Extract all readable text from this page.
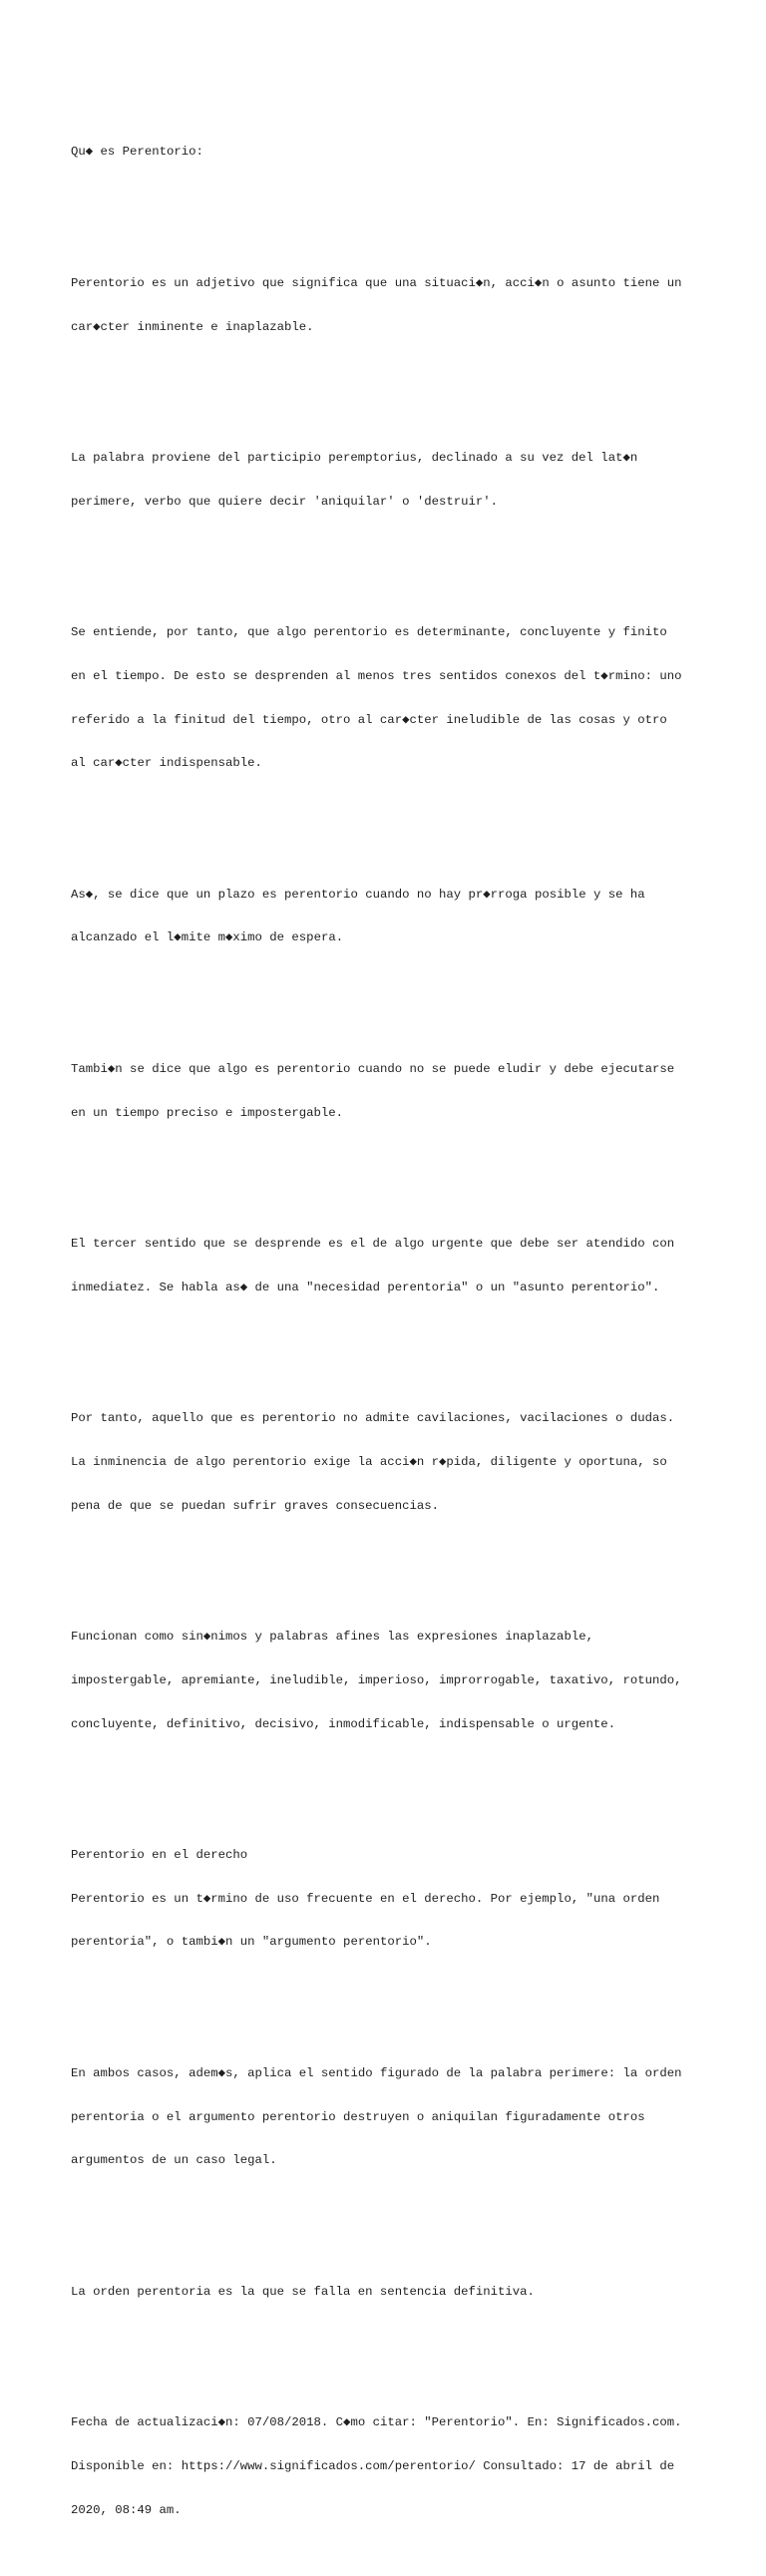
Qu◆ es Perentorio:

Perentorio es un adjetivo que significa que una situaci◆n, acci◆n o asunto tiene un

car◆cter inminente e inaplazable.

La palabra proviene del participio peremptorius, declinado a su vez del lat◆n

perimere, verbo que quiere decir 'aniquilar' o 'destruir'.

Se entiende, por tanto, que algo perentorio es determinante, concluyente y finito

en el tiempo. De esto se desprenden al menos tres sentidos conexos del t◆rmino: uno

referido a la finitud del tiempo, otro al car◆cter ineludible de las cosas y otro

al car◆cter indispensable.

As◆, se dice que un plazo es perentorio cuando no hay pr◆rroga posible y se ha

alcanzado el l◆mite m◆ximo de espera.

Tambi◆n se dice que algo es perentorio cuando no se puede eludir y debe ejecutarse

en un tiempo preciso e impostergable.

El tercer sentido que se desprende es el de algo urgente que debe ser atendido con

inmediatez. Se habla as◆ de una "necesidad perentoria" o un "asunto perentorio".

Por tanto, aquello que es perentorio no admite cavilaciones, vacilaciones o dudas.

La inminencia de algo perentorio exige la acci◆n r◆pida, diligente y oportuna, so

pena de que se puedan sufrir graves consecuencias.

Funcionan como sin◆nimos y palabras afines las expresiones inaplazable,

impostergable, apremiante, ineludible, imperioso, improrrogable, taxativo, rotundo,

concluyente, definitivo, decisivo, inmodificable, indispensable o urgente.

Perentorio en el derecho

Perentorio es un t◆rmino de uso frecuente en el derecho. Por ejemplo, "una orden

perentoria", o tambi◆n un "argumento perentorio".

En ambos casos, adem◆s, aplica el sentido figurado de la palabra perimere: la orden

perentoria o el argumento perentorio destruyen o aniquilan figuradamente otros

argumentos de un caso legal.

La orden perentoria es la que se falla en sentencia definitiva.

Fecha de actualizaci◆n: 07/08/2018. C◆mo citar: "Perentorio". En: Significados.com.

Disponible en: https://www.significados.com/perentorio/ Consultado: 17 de abril de

2020, 08:49 am.
